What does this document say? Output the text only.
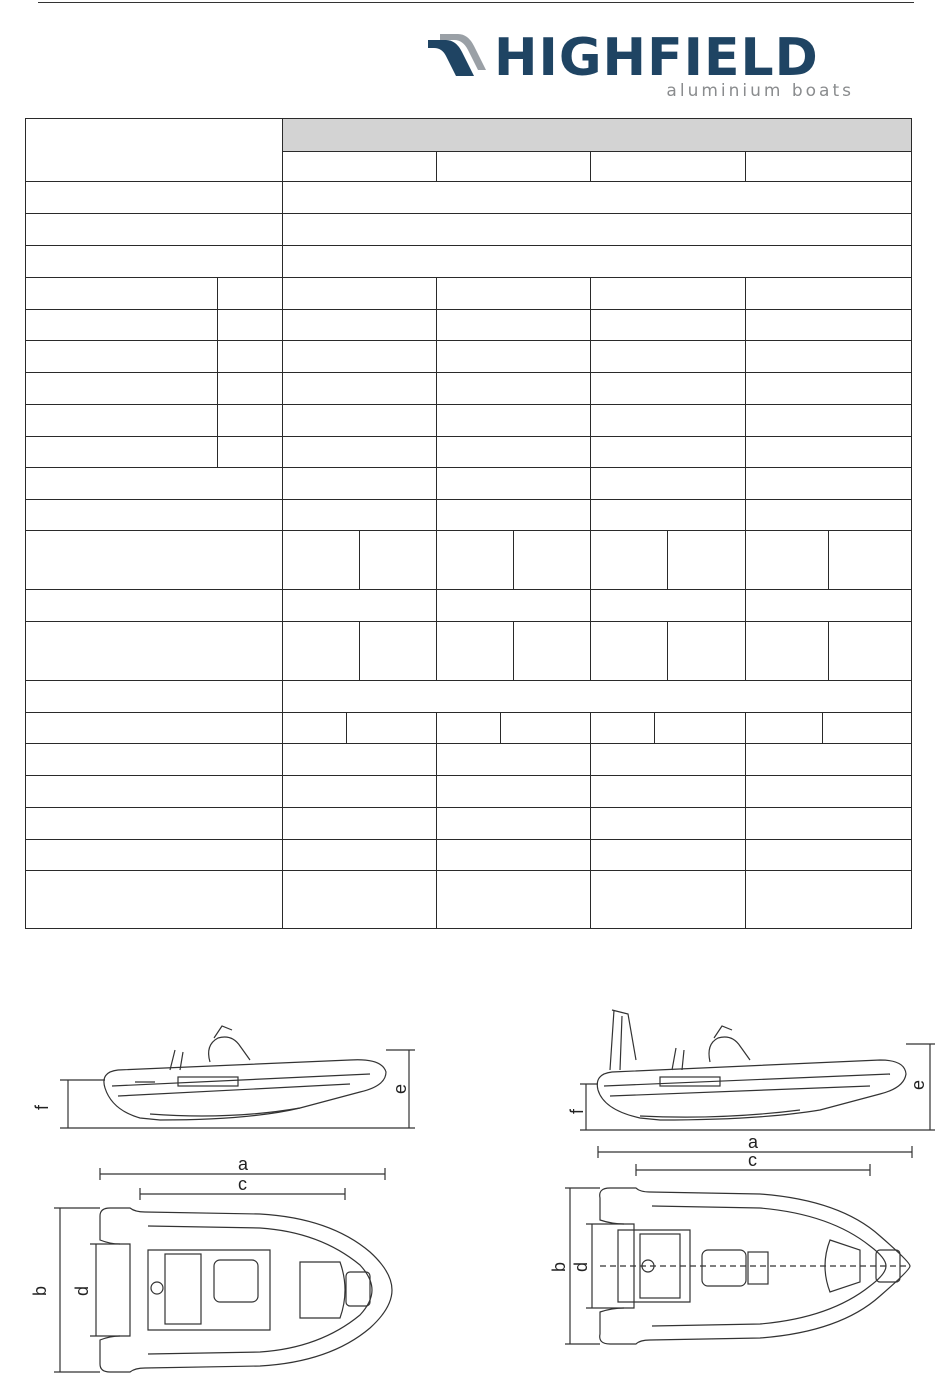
HIGHFIELD
aluminium boats
f
e
a
c
b d
f
e
a
c
b d
